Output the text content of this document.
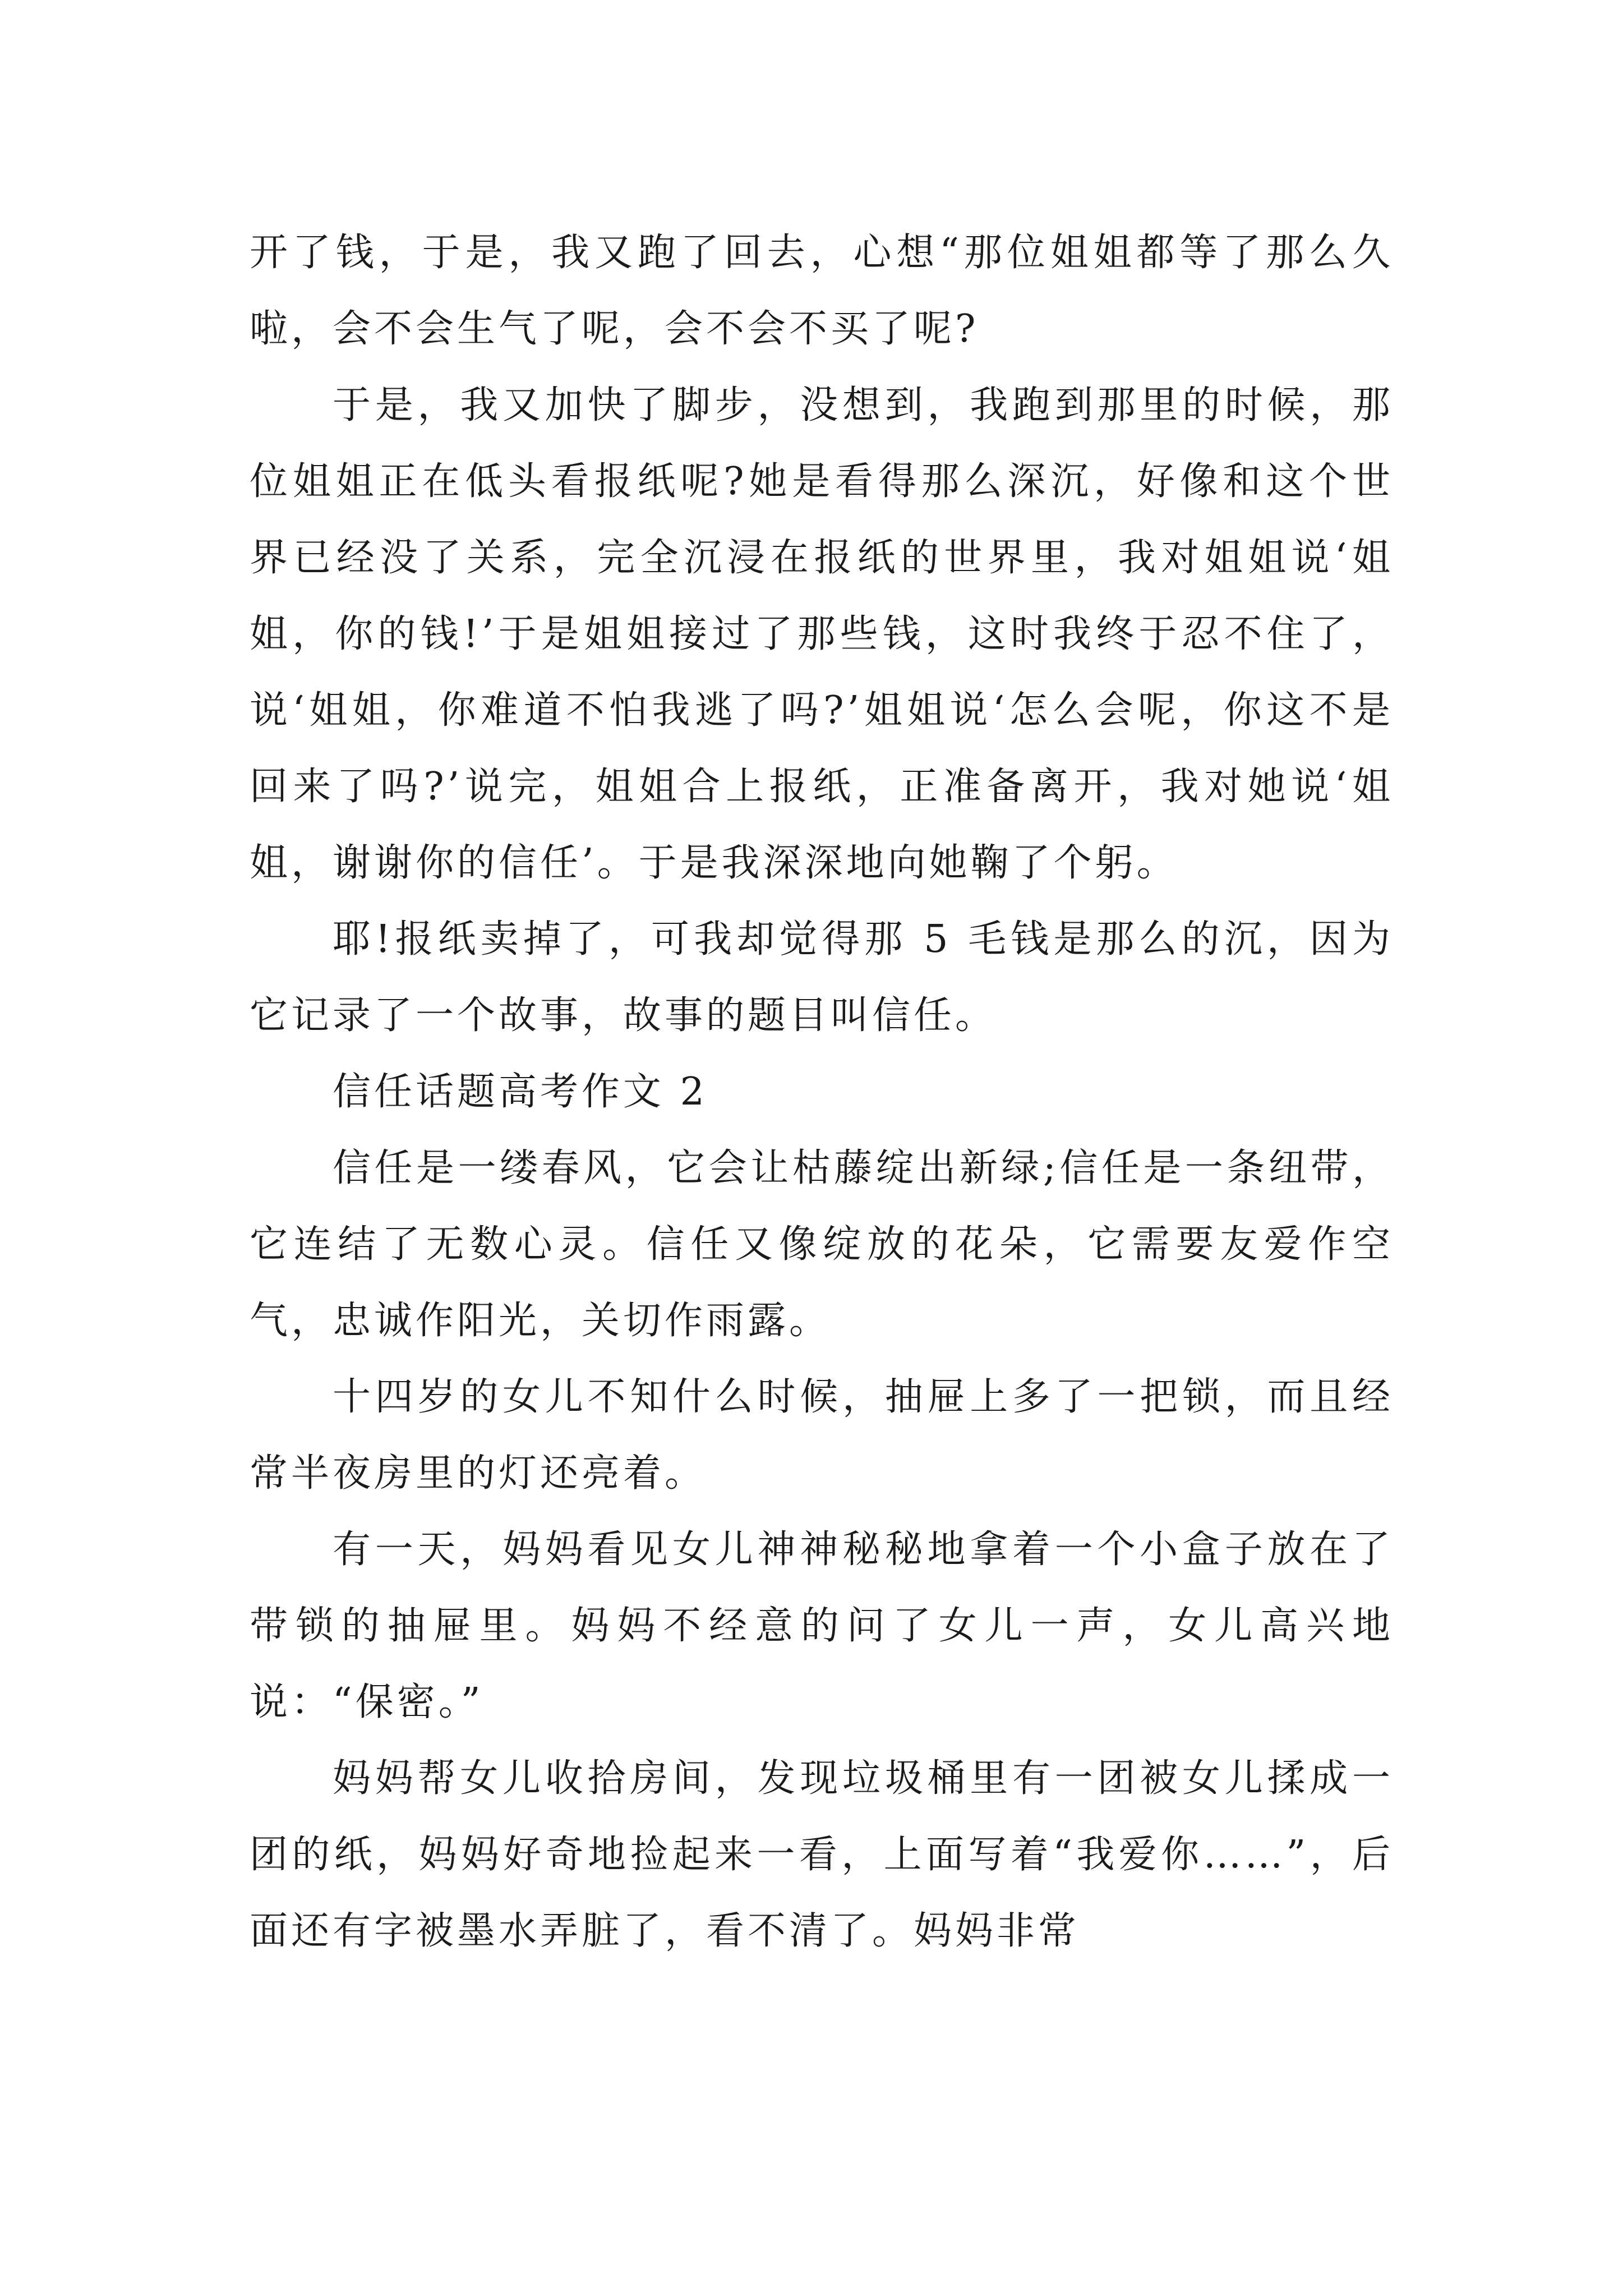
开了钱，于是，我又跑了回去，心想“那位姐姐都等了那么久啦，会不会生气了呢，会不会不买了呢?

于是，我又加快了脚步，没想到，我跑到那里的时候，那位姐姐正在低头看报纸呢?她是看得那么深沉，好像和这个世界已经没了关系，完全沉浸在报纸的世界里，我对姐姐说‘姐姐，你的钱!’于是姐姐接过了那些钱，这时我终于忍不住了，说‘姐姐，你难道不怕我逃了吗?’姐姐说‘怎么会呢，你这不是回来了吗?’说完，姐姐合上报纸，正准备离开，我对她说‘姐姐，谢谢你的信任’。于是我深深地向她鞠了个躬。

耶!报纸卖掉了，可我却觉得那 5 毛钱是那么的沉，因为它记录了一个故事，故事的题目叫信任。

信任话题高考作文 2

信任是一缕春风，它会让枯藤绽出新绿;信任是一条纽带，它连结了无数心灵。信任又像绽放的花朵，它需要友爱作空气，忠诚作阳光，关切作雨露。

十四岁的女儿不知什么时候，抽屉上多了一把锁，而且经常半夜房里的灯还亮着。

有一天，妈妈看见女儿神神秘秘地拿着一个小盒子放在了带锁的抽屉里。妈妈不经意的问了女儿一声，女儿高兴地说：“保密。”

妈妈帮女儿收拾房间，发现垃圾桶里有一团被女儿揉成一团的纸，妈妈好奇地捡起来一看，上面写着“我爱你……”，后面还有字被墨水弄脏了，看不清了。妈妈非常
